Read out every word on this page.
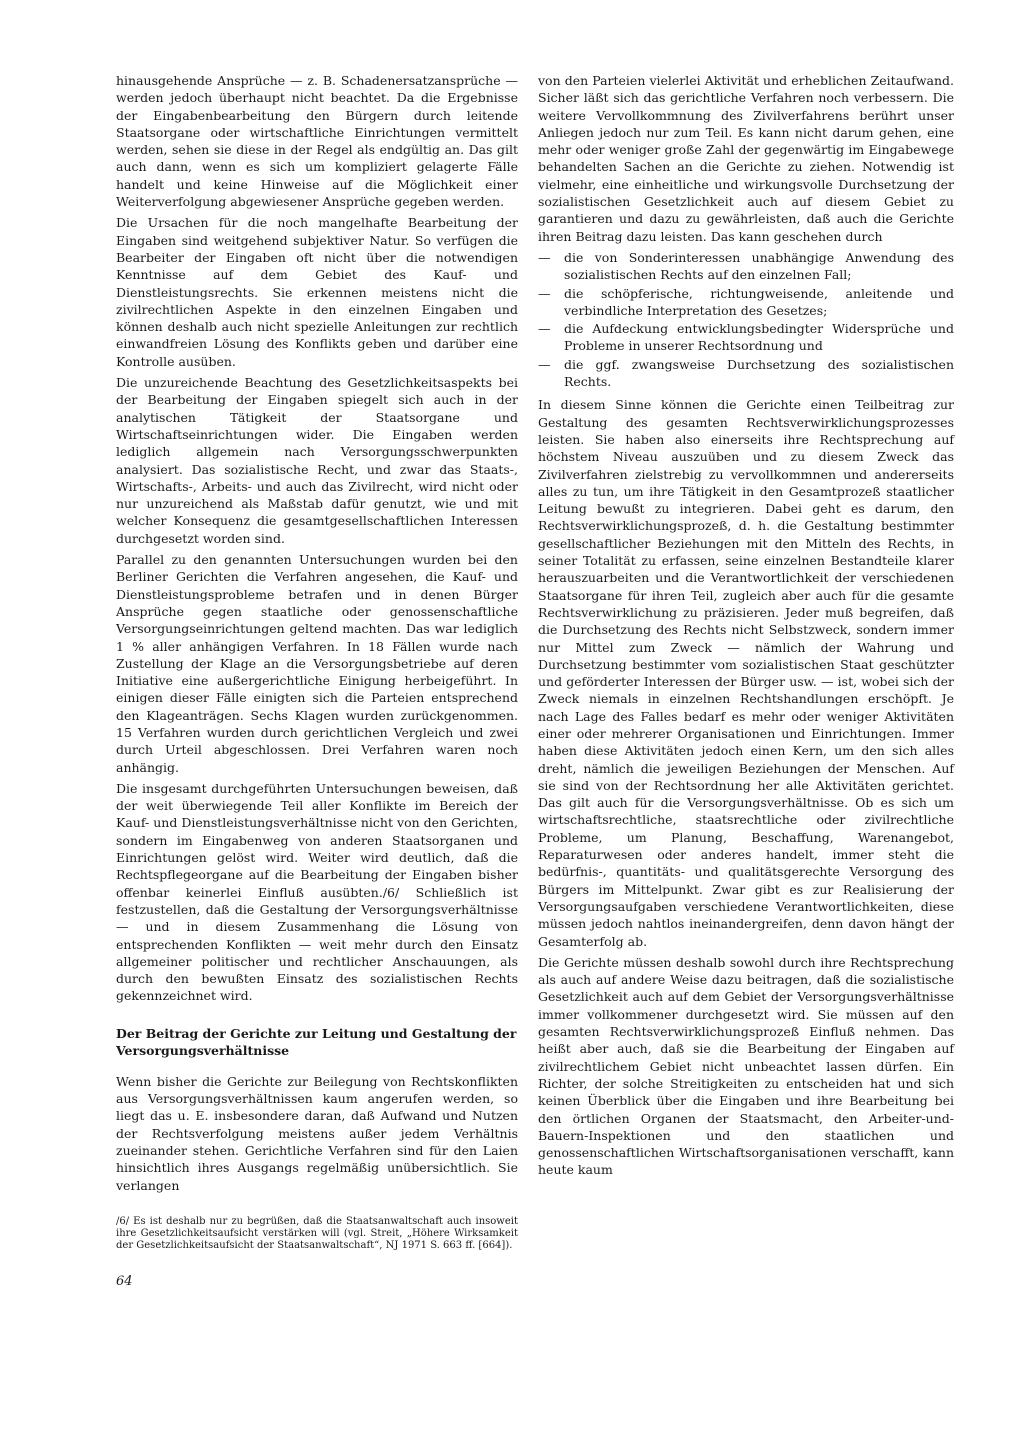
hinausgehende Ansprüche — z. B. Schadenersatzansprüche — werden jedoch überhaupt nicht beachtet. Da die Ergebnisse der Eingabenbearbeitung den Bürgern durch leitende Staatsorgane oder wirtschaftliche Einrichtungen vermittelt werden, sehen sie diese in der Regel als endgültig an. Das gilt auch dann, wenn es sich um kompliziert gelagerte Fälle handelt und keine Hinweise auf die Möglichkeit einer Weiterverfolgung abgewiesener Ansprüche gegeben werden.

Die Ursachen für die noch mangelhafte Bearbeitung der Eingaben sind weitgehend subjektiver Natur. So verfügen die Bearbeiter der Eingaben oft nicht über die notwendigen Kenntnisse auf dem Gebiet des Kauf- und Dienstleistungsrechts. Sie erkennen meistens nicht die zivilrechtlichen Aspekte in den einzelnen Eingaben und können deshalb auch nicht spezielle Anleitungen zur rechtlich einwandfreien Lösung des Konflikts geben und darüber eine Kontrolle ausüben.

Die unzureichende Beachtung des Gesetzlichkeitsaspekts bei der Bearbeitung der Eingaben spiegelt sich auch in der analytischen Tätigkeit der Staatsorgane und Wirtschaftseinrichtungen wider. Die Eingaben werden lediglich allgemein nach Versorgungsschwerpunkten analysiert. Das sozialistische Recht, und zwar das Staats-, Wirtschafts-, Arbeits- und auch das Zivilrecht, wird nicht oder nur unzureichend als Maßstab dafür genutzt, wie und mit welcher Konsequenz die gesamtgesellschaftlichen Interessen durchgesetzt worden sind.

Parallel zu den genannten Untersuchungen wurden bei den Berliner Gerichten die Verfahren angesehen, die Kauf- und Dienstleistungsprobleme betrafen und in denen Bürger Ansprüche gegen staatliche oder genossenschaftliche Versorgungseinrichtungen geltend machten. Das war lediglich 1 % aller anhängigen Verfahren. In 18 Fällen wurde nach Zustellung der Klage an die Versorgungsbetriebe auf deren Initiative eine außergerichtliche Einigung herbeigeführt. In einigen dieser Fälle einigten sich die Parteien entsprechend den Klageanträgen. Sechs Klagen wurden zurückgenommen. 15 Verfahren wurden durch gerichtlichen Vergleich und zwei durch Urteil abgeschlossen. Drei Verfahren waren noch anhängig.

Die insgesamt durchgeführten Untersuchungen beweisen, daß der weit überwiegende Teil aller Konflikte im Bereich der Kauf- und Dienstleistungsverhältnisse nicht von den Gerichten, sondern im Eingabenweg von anderen Staatsorganen und Einrichtungen gelöst wird. Weiter wird deutlich, daß die Rechtspflegeorgane auf die Bearbeitung der Eingaben bisher offenbar keinerlei Einfluß ausübten./6/ Schließlich ist festzustellen, daß die Gestaltung der Versorgungsverhältnisse — und in diesem Zusammenhang die Lösung von entsprechenden Konflikten — weit mehr durch den Einsatz allgemeiner politischer und rechtlicher Anschauungen, als durch den bewußten Einsatz des sozialistischen Rechts gekennzeichnet wird.

Der Beitrag der Gerichte zur Leitung und Gestaltung der Versorgungsverhältnisse

Wenn bisher die Gerichte zur Beilegung von Rechtskonflikten aus Versorgungsverhältnissen kaum angerufen werden, so liegt das u. E. insbesondere daran, daß Aufwand und Nutzen der Rechtsverfolgung meistens außer jedem Verhältnis zueinander stehen. Gerichtliche Verfahren sind für den Laien hinsichtlich ihres Ausgangs regelmäßig unübersichtlich. Sie verlangen

/6/ Es ist deshalb nur zu begrüßen, daß die Staatsanwaltschaft auch insoweit ihre Gesetzlichkeitsaufsicht verstärken will (vgl. Streit, „Höhere Wirksamkeit der Gesetzlichkeitsaufsicht der Staatsanwaltschaft“, NJ 1971 S. 663 ff. [664]).

von den Parteien vielerlei Aktivität und erheblichen Zeitaufwand. Sicher läßt sich das gerichtliche Verfahren noch verbessern. Die weitere Vervollkommnung des Zivilverfahrens berührt unser Anliegen jedoch nur zum Teil. Es kann nicht darum gehen, eine mehr oder weniger große Zahl der gegenwärtig im Eingabewege behandelten Sachen an die Gerichte zu ziehen. Notwendig ist vielmehr, eine einheitliche und wirkungsvolle Durchsetzung der sozialistischen Gesetzlichkeit auch auf diesem Gebiet zu garantieren und dazu zu gewährleisten, daß auch die Gerichte ihren Beitrag dazu leisten. Das kann geschehen durch

— die von Sonderinteressen unabhängige Anwendung des sozialistischen Rechts auf den einzelnen Fall;
— die schöpferische, richtungweisende, anleitende und verbindliche Interpretation des Gesetzes;
— die Aufdeckung entwicklungsbedingter Widersprüche und Probleme in unserer Rechtsordnung und
— die ggf. zwangsweise Durchsetzung des sozialistischen Rechts.

In diesem Sinne können die Gerichte einen Teilbeitrag zur Gestaltung des gesamten Rechtsverwirklichungsprozesses leisten. Sie haben also einerseits ihre Rechtsprechung auf höchstem Niveau auszuüben und zu diesem Zweck das Zivilverfahren zielstrebig zu vervollkommnen und andererseits alles zu tun, um ihre Tätigkeit in den Gesamtprozeß staatlicher Leitung bewußt zu integrieren. Dabei geht es darum, den Rechtsverwirklichungsprozeß, d. h. die Gestaltung bestimmter gesellschaftlicher Beziehungen mit den Mitteln des Rechts, in seiner Totalität zu erfassen, seine einzelnen Bestandteile klarer herauszuarbeiten und die Verantwortlichkeit der verschiedenen Staatsorgane für ihren Teil, zugleich aber auch für die gesamte Rechtsverwirklichung zu präzisieren. Jeder muß begreifen, daß die Durchsetzung des Rechts nicht Selbstzweck, sondern immer nur Mittel zum Zweck — nämlich der Wahrung und Durchsetzung bestimmter vom sozialistischen Staat geschützter und geförderter Interessen der Bürger usw. — ist, wobei sich der Zweck niemals in einzelnen Rechtshandlungen erschöpft. Je nach Lage des Falles bedarf es mehr oder weniger Aktivitäten einer oder mehrerer Organisationen und Einrichtungen. Immer haben diese Aktivitäten jedoch einen Kern, um den sich alles dreht, nämlich die jeweiligen Beziehungen der Menschen. Auf sie sind von der Rechtsordnung her alle Aktivitäten gerichtet. Das gilt auch für die Versorgungsverhältnisse. Ob es sich um wirtschaftsrechtliche, staatsrechtliche oder zivilrechtliche Probleme, um Planung, Beschaffung, Warenangebot, Reparaturwesen oder anderes handelt, immer steht die bedürfnis-, quantitäts- und qualitätsgerechte Versorgung des Bürgers im Mittelpunkt. Zwar gibt es zur Realisierung der Versorgungsaufgaben verschiedene Verantwortlichkeiten, diese müssen jedoch nahtlos ineinandergreifen, denn davon hängt der Gesamterfolg ab.

Die Gerichte müssen deshalb sowohl durch ihre Rechtsprechung als auch auf andere Weise dazu beitragen, daß die sozialistische Gesetzlichkeit auch auf dem Gebiet der Versorgungsverhältnisse immer vollkommener durchgesetzt wird. Sie müssen auf den gesamten Rechtsverwirklichungsprozeß Einfluß nehmen. Das heißt aber auch, daß sie die Bearbeitung der Eingaben auf zivilrechtlichem Gebiet nicht unbeachtet lassen dürfen. Ein Richter, der solche Streitigkeiten zu entscheiden hat und sich keinen Überblick über die Eingaben und ihre Bearbeitung bei den örtlichen Organen der Staatsmacht, den Arbeiter-und-Bauern-Inspektionen und den staatlichen und genossenschaftlichen Wirtschaftsorganisationen verschafft, kann heute kaum

64
